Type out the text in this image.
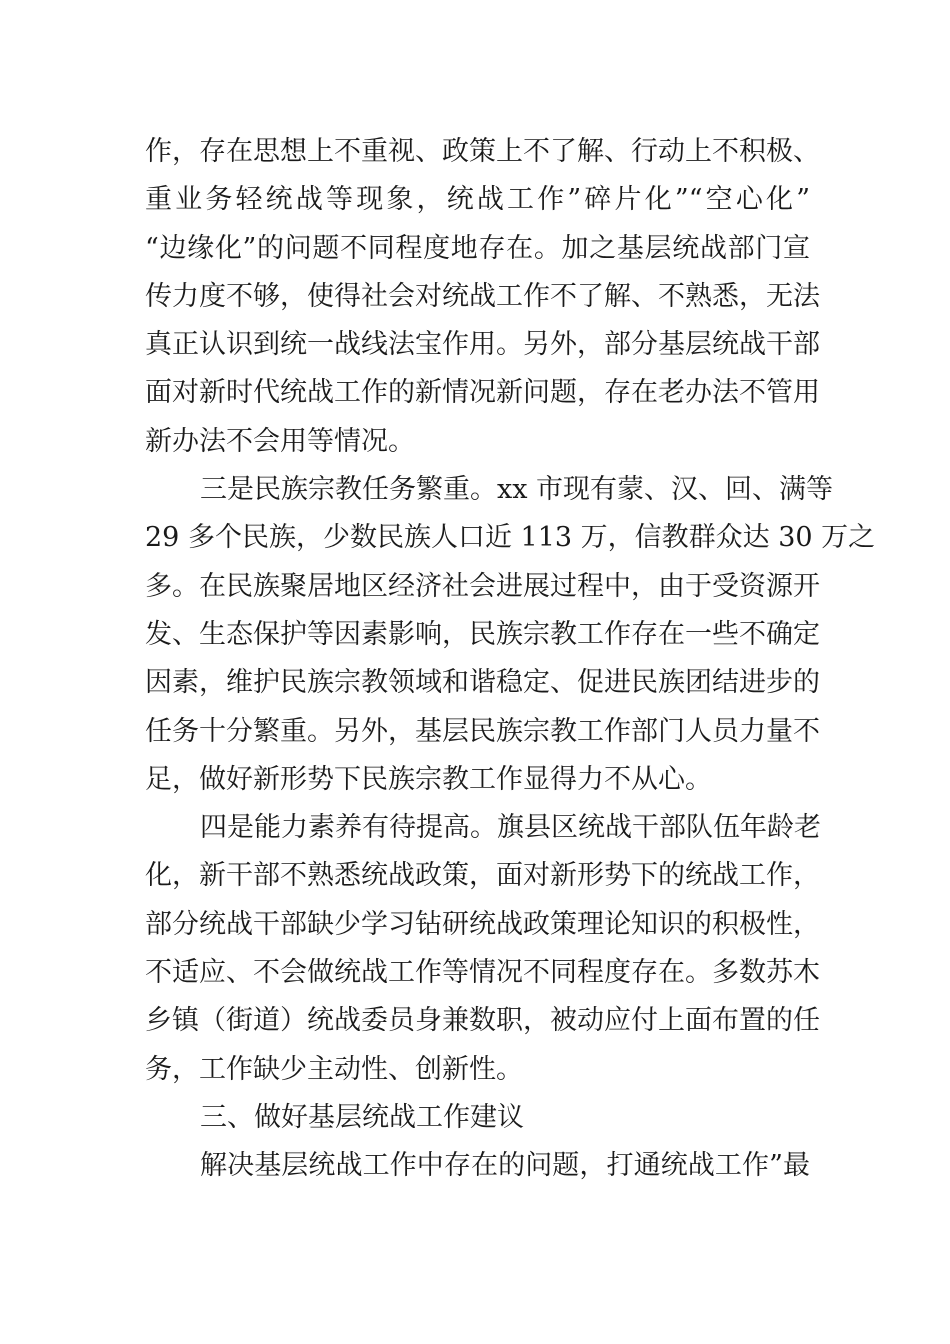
作，存在思想上不重视、政策上不了解、行动上不积极、
重业务轻统战等现象，统战工作”碎片化”“空心化”
“边缘化”的问题不同程度地存在。加之基层统战部门宣
传力度不够，使得社会对统战工作不了解、不熟悉，无法
真正认识到统一战线法宝作用。另外，部分基层统战干部
面对新时代统战工作的新情况新问题，存在老办法不管用
新办法不会用等情况。
三是民族宗教任务繁重。xx 市现有蒙、汉、回、满等
29 多个民族，少数民族人口近 113 万，信教群众达 30 万之
多。在民族聚居地区经济社会进展过程中，由于受资源开
发、生态保护等因素影响，民族宗教工作存在一些不确定
因素，维护民族宗教领域和谐稳定、促进民族团结进步的
任务十分繁重。另外，基层民族宗教工作部门人员力量不
足，做好新形势下民族宗教工作显得力不从心。
四是能力素养有待提高。旗县区统战干部队伍年龄老
化，新干部不熟悉统战政策，面对新形势下的统战工作，
部分统战干部缺少学习钻研统战政策理论知识的积极性，
不适应、不会做统战工作等情况不同程度存在。多数苏木
乡镇（街道）统战委员身兼数职，被动应付上面布置的任
务，工作缺少主动性、创新性。
三、做好基层统战工作建议
解决基层统战工作中存在的问题，打通统战工作”最
